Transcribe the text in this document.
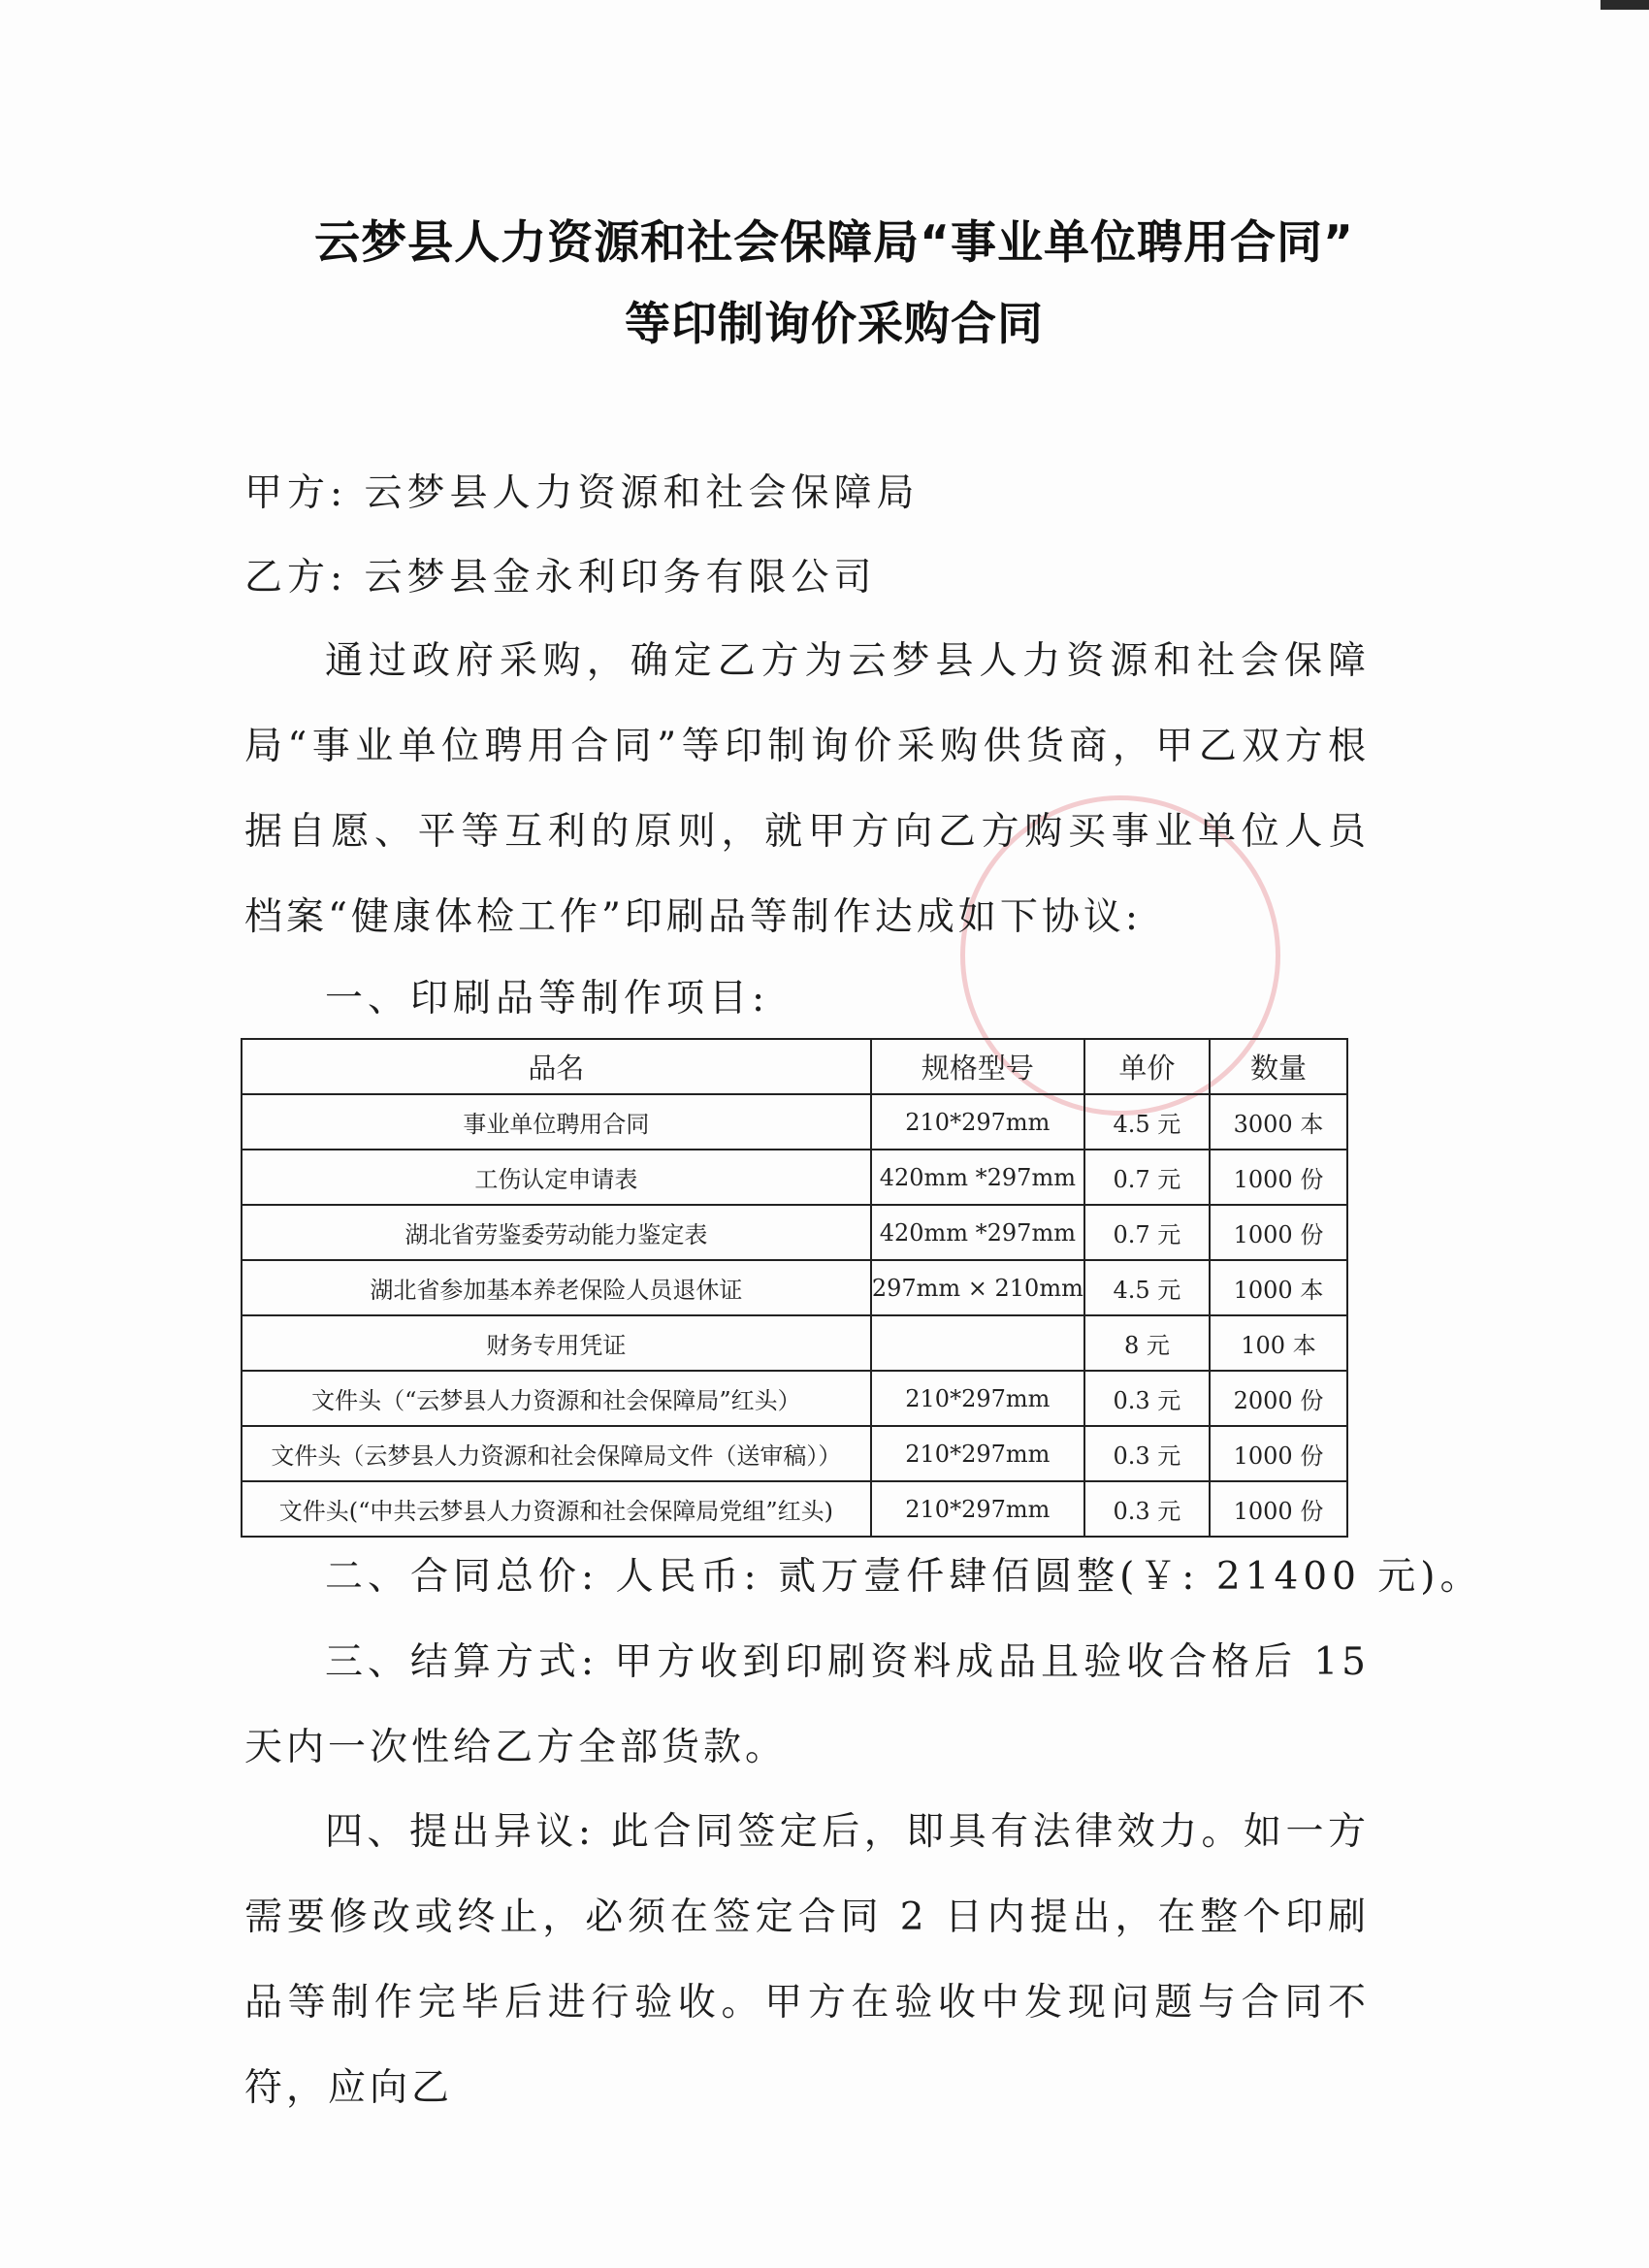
云梦县人力资源和社会保障局“事业单位聘用合同”
等印制询价采购合同
甲方: 云梦县人力资源和社会保障局
乙方: 云梦县金永利印务有限公司
通过政府采购，确定乙方为云梦县人力资源和社会保障局“事业单位聘用合同”等印制询价采购供货商，甲乙双方根据自愿、平等互利的原则，就甲方向乙方购买事业单位人员档案“健康体检工作”印刷品等制作达成如下协议:
一、印刷品等制作项目:
品名	规格型号	单价	数量
事业单位聘用合同	210*297mm	4.5 元	3000 本
工伤认定申请表	420mm *297mm	0.7 元	1000 份
湖北省劳鉴委劳动能力鉴定表	420mm *297mm	0.7 元	1000 份
湖北省参加基本养老保险人员退休证	297mm × 210mm	4.5 元	1000 本
财务专用凭证		8 元	100 本
文件头（“云梦县人力资源和社会保障局”红头）	210*297mm	0.3 元	2000 份
文件头（云梦县人力资源和社会保障局文件（送审稿））	210*297mm	0.3 元	1000 份
文件头(“中共云梦县人力资源和社会保障局党组”红头)	210*297mm	0.3 元	1000 份
二、合同总价: 人民币: 贰万壹仟肆佰圆整(￥: 21400 元)。
三、结算方式: 甲方收到印刷资料成品且验收合格后 15 天内一次性给乙方全部货款。
四、提出异议: 此合同签定后，即具有法律效力。如一方需要修改或终止，必须在签定合同 2 日内提出，在整个印刷品等制作完毕后进行验收。甲方在验收中发现问题与合同不符，应向乙
